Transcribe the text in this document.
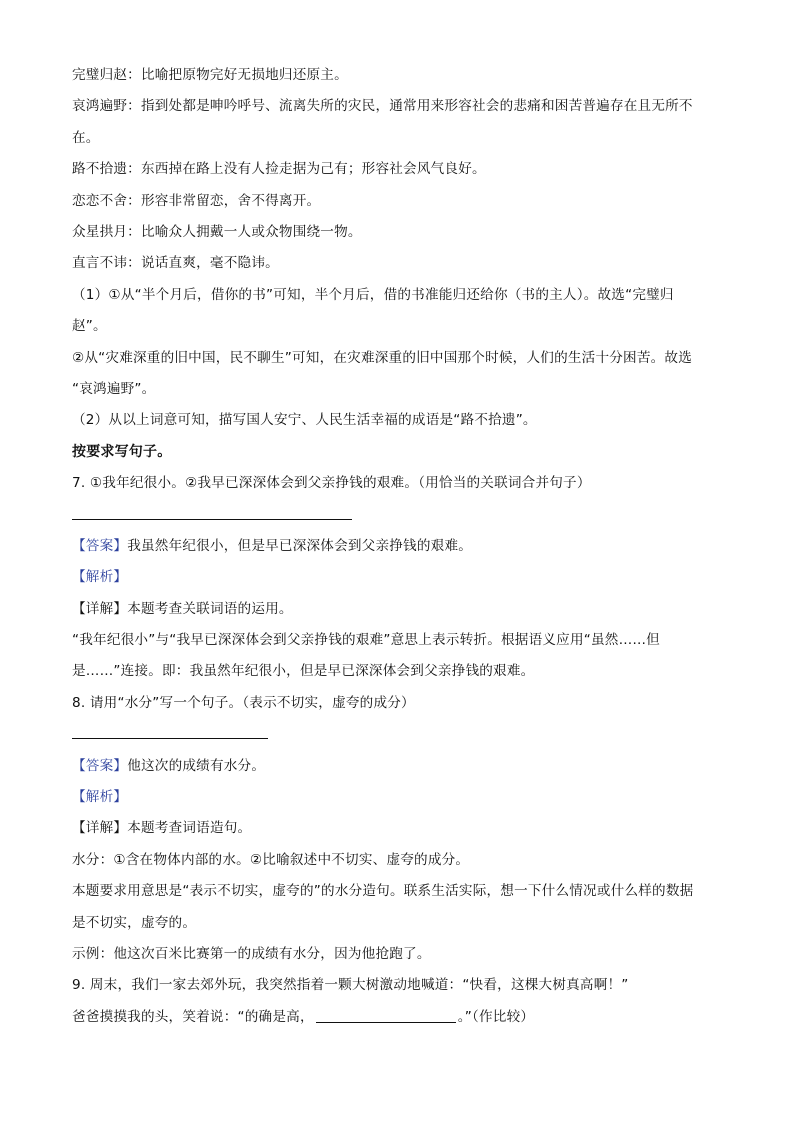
完璧归赵：比喻把原物完好无损地归还原主。
哀鸿遍野：指到处都是呻吟呼号、流离失所的灾民，通常用来形容社会的悲痛和困苦普遍存在且无所不
在。
路不拾遗：东西掉在路上没有人捡走据为己有；形容社会风气良好。
恋恋不舍：形容非常留恋，舍不得离开。
众星拱月：比喻众人拥戴一人或众物围绕一物。
直言不讳：说话直爽，毫不隐讳。
（1）①从“半个月后，借你的书”可知，半个月后，借的书准能归还给你（书的主人）。故选“完璧归
赵”。
②从“灾难深重的旧中国，民不聊生”可知，在灾难深重的旧中国那个时候，人们的生活十分困苦。故选
“哀鸿遍野”。
（2）从以上词意可知，描写国人安宁、人民生活幸福的成语是“路不拾遗”。
按要求写句子。
7. ①我年纪很小。②我早已深深体会到父亲挣钱的艰难。（用恰当的关联词合并句子）
【答案】我虽然年纪很小，但是早已深深体会到父亲挣钱的艰难。
【解析】
【详解】本题考查关联词语的运用。
“我年纪很小”与“我早已深深体会到父亲挣钱的艰难”意思上表示转折。根据语义应用“虽然……但
是……”连接。即：我虽然年纪很小，但是早已深深体会到父亲挣钱的艰难。
8. 请用“水分”写一个句子。（表示不切实，虚夸的成分）
【答案】他这次的成绩有水分。
【解析】
【详解】本题考查词语造句。
水分：①含在物体内部的水。②比喻叙述中不切实、虚夸的成分。
本题要求用意思是“表示不切实，虚夸的”的水分造句。联系生活实际，想一下什么情况或什么样的数据
是不切实，虚夸的。
示例：他这次百米比赛第一的成绩有水分，因为他抢跑了。
9. 周末，我们一家去郊外玩，我突然指着一颗大树激动地喊道：“快看，这棵大树真高啊！”
爸爸摸摸我的头，笑着说：“的确是高，	。”（作比较）
